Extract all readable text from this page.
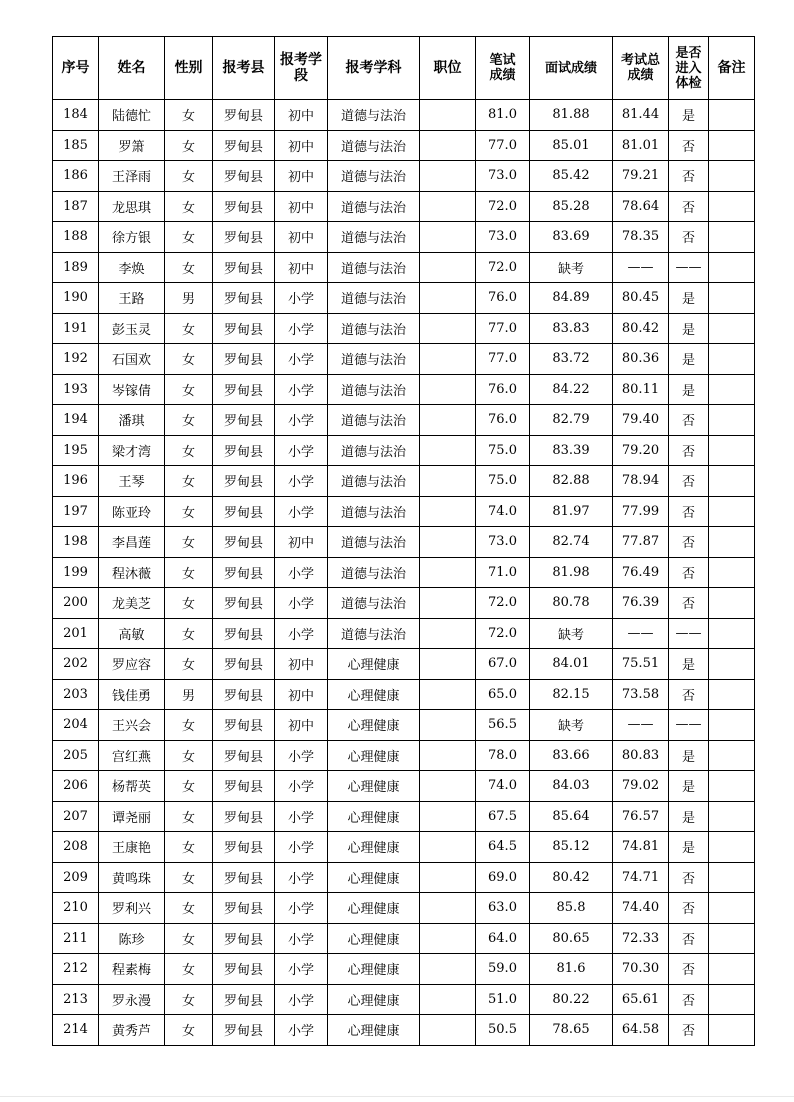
序号	姓名	性别	报考县	报考学段	报考学科	职位	笔试成绩	面试成绩	考试总成绩	是否进入体检	备注
184	陆德忙	女	罗甸县	初中	道德与法治		81.0	81.88	81.44	是	
185	罗箫	女	罗甸县	初中	道德与法治		77.0	85.01	81.01	否	
186	王泽雨	女	罗甸县	初中	道德与法治		73.0	85.42	79.21	否	
187	龙思琪	女	罗甸县	初中	道德与法治		72.0	85.28	78.64	否	
188	徐方银	女	罗甸县	初中	道德与法治		73.0	83.69	78.35	否	
189	李焕	女	罗甸县	初中	道德与法治		72.0	缺考	——	——	
190	王路	男	罗甸县	小学	道德与法治		76.0	84.89	80.45	是	
191	彭玉灵	女	罗甸县	小学	道德与法治		77.0	83.83	80.42	是	
192	石国欢	女	罗甸县	小学	道德与法治		77.0	83.72	80.36	是	
193	岑镓倩	女	罗甸县	小学	道德与法治		76.0	84.22	80.11	是	
194	潘琪	女	罗甸县	小学	道德与法治		76.0	82.79	79.40	否	
195	梁才湾	女	罗甸县	小学	道德与法治		75.0	83.39	79.20	否	
196	王琴	女	罗甸县	小学	道德与法治		75.0	82.88	78.94	否	
197	陈亚玲	女	罗甸县	小学	道德与法治		74.0	81.97	77.99	否	
198	李昌莲	女	罗甸县	初中	道德与法治		73.0	82.74	77.87	否	
199	程沐薇	女	罗甸县	小学	道德与法治		71.0	81.98	76.49	否	
200	龙美芝	女	罗甸县	小学	道德与法治		72.0	80.78	76.39	否	
201	高敏	女	罗甸县	小学	道德与法治		72.0	缺考	——	——	
202	罗应容	女	罗甸县	初中	心理健康		67.0	84.01	75.51	是	
203	钱佳勇	男	罗甸县	初中	心理健康		65.0	82.15	73.58	否	
204	王兴会	女	罗甸县	初中	心理健康		56.5	缺考	——	——	
205	宫红燕	女	罗甸县	小学	心理健康		78.0	83.66	80.83	是	
206	杨帮英	女	罗甸县	小学	心理健康		74.0	84.03	79.02	是	
207	谭尧丽	女	罗甸县	小学	心理健康		67.5	85.64	76.57	是	
208	王康艳	女	罗甸县	小学	心理健康		64.5	85.12	74.81	是	
209	黄鸣珠	女	罗甸县	小学	心理健康		69.0	80.42	74.71	否	
210	罗利兴	女	罗甸县	小学	心理健康		63.0	85.8	74.40	否	
211	陈珍	女	罗甸县	小学	心理健康		64.0	80.65	72.33	否	
212	程素梅	女	罗甸县	小学	心理健康		59.0	81.6	70.30	否	
213	罗永漫	女	罗甸县	小学	心理健康		51.0	80.22	65.61	否	
214	黄秀芦	女	罗甸县	小学	心理健康		50.5	78.65	64.58	否	
